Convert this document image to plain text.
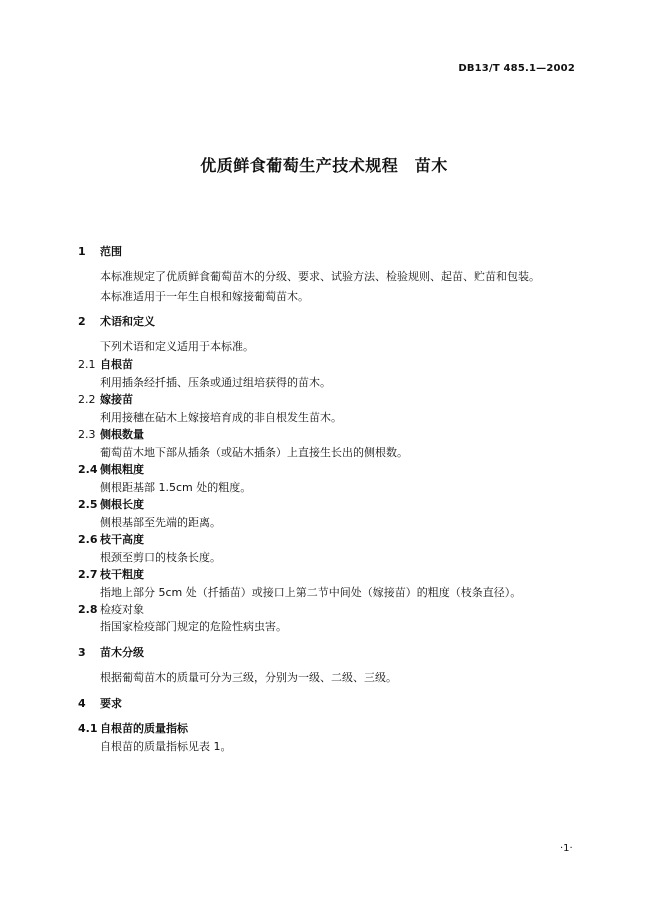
DB13/T 485.1—2002
优质鲜食葡萄生产技术规程　苗木
1 范围
本标准规定了优质鲜食葡萄苗木的分级、要求、试验方法、检验规则、起苗、贮苗和包装。
本标准适用于一年生自根和嫁接葡萄苗木。
2 术语和定义
下列术语和定义适用于本标准。
2.1 自根苗
利用插条经扦插、压条或通过组培获得的苗木。
2.2 嫁接苗
利用接穗在砧木上嫁接培育成的非自根发生苗木。
2.3 侧根数量
葡萄苗木地下部从插条（或砧木插条）上直接生长出的侧根数。
2.4 侧根粗度
侧根距基部 1.5cm 处的粗度。
2.5 侧根长度
侧根基部至先端的距离。
2.6 枝干高度
根颈至剪口的枝条长度。
2.7 枝干粗度
指地上部分 5cm 处（扦插苗）或接口上第二节中间处（嫁接苗）的粗度（枝条直径）。
2.8 检疫对象
指国家检疫部门规定的危险性病虫害。
3 苗木分级
根据葡萄苗木的质量可分为三级，分别为一级、二级、三级。
4 要求
4.1 自根苗的质量指标
自根苗的质量指标见表 1。
·1·
